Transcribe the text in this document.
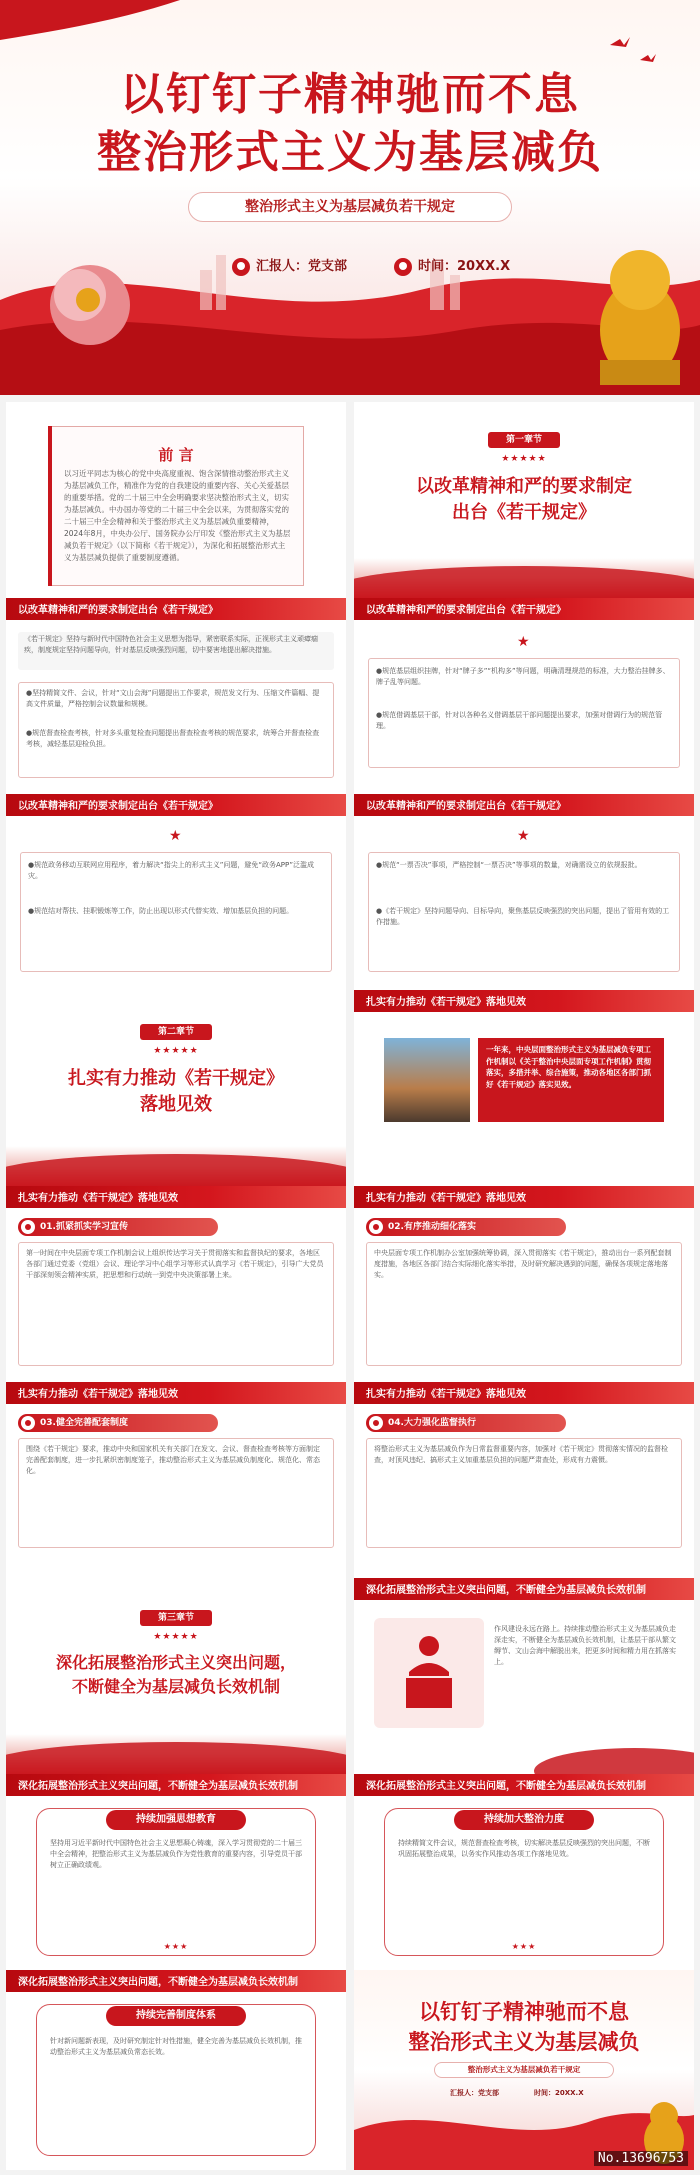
以钉钉子精神驰而不息
整治形式主义为基层减负
整治形式主义为基层减负若干规定
汇报人：党支部	时间：20XX.X
前 言
以习近平同志为核心的党中央高度重视、饱含深情推动整治形式主义为基层减负工作，精准作为党的自我建设的重要内容、关心关爱基层的重要举措。党的二十届三中全会明确要求坚决整治形式主义，切实为基层减负。中办国办等党的二十届三中全会以来，为贯彻落实党的二十届三中全会精神和关于整治形式主义为基层减负重要精神，2024年8月，中央办公厅、国务院办公厅印发《整治形式主义为基层减负若干规定》（以下简称《若干规定》），为深化和拓展整治形式主义为基层减负提供了重要制度遵循。
第一章节
★★★★★
以改革精神和严的要求制定
出台《若干规定》
以改革精神和严的要求制定出台《若干规定》
《若干规定》坚持与新时代中国特色社会主义思想为指导，紧密联系实际，正视形式主义顽瘴痼疾，制度规定坚持问题导向，针对基层反映强烈问题，切中要害地提出解决措施。
●坚持精简文件、会议，针对“文山会海”问题提出工作要求，规范发文行为、压缩文件篇幅、提高文件质量，严格控制会议数量和规模。
●规范督查检查考核，针对多头重复检查问题提出督查检查考核的规范要求，统筹合并督查检查考核，减轻基层迎检负担。
以改革精神和严的要求制定出台《若干规定》
★
●规范基层组织挂牌，针对“牌子多”“机构多”等问题，明确清理规范的标准，大力整治挂牌多、牌子乱等问题。
●规范借调基层干部，针对以各种名义借调基层干部问题提出要求，加强对借调行为的规范管理。
以改革精神和严的要求制定出台《若干规定》
★
●规范政务移动互联网应用程序，着力解决“指尖上的形式主义”问题，避免“政务APP”泛滥成灾。
●规范结对帮扶、挂职锻炼等工作，防止出现以形式代替实效、增加基层负担的问题。
以改革精神和严的要求制定出台《若干规定》
★
●规范“一票否决”事项，严格控制“一票否决”等事项的数量，对确需设立的依规报批。
●《若干规定》坚持问题导向、目标导向，聚焦基层反映强烈的突出问题，提出了管用有效的工作措施。
第二章节
★★★★★
扎实有力推动《若干规定》
落地见效
扎实有力推动《若干规定》落地见效
一年来，中央层面整治形式主义为基层减负专项工作机制以《关于整治中央层面专项工作机制》贯彻落实，多措并举、综合施策，推动各地区各部门抓好《若干规定》落实见效。
扎实有力推动《若干规定》落地见效
01.抓紧抓实学习宣传
第一时间在中央层面专项工作机制会议上组织传达学习关于贯彻落实和监督执纪的要求，各地区各部门通过党委（党组）会议、理论学习中心组学习等形式认真学习《若干规定》，引导广大党员干部深刻领会精神实质，把思想和行动统一到党中央决策部署上来。
扎实有力推动《若干规定》落地见效
02.有序推动细化落实
中央层面专项工作机制办公室加强统筹协调，深入贯彻落实《若干规定》，推动出台一系列配套制度措施，各地区各部门结合实际细化落实举措，及时研究解决遇到的问题，确保各项规定落地落实。
扎实有力推动《若干规定》落地见效
03.健全完善配套制度
围绕《若干规定》要求，推动中央和国家机关有关部门在发文、会议、督查检查考核等方面制定完善配套制度，进一步扎紧织密制度笼子，推动整治形式主义为基层减负制度化、规范化、常态化。
扎实有力推动《若干规定》落地见效
04.大力强化监督执行
将整治形式主义为基层减负作为日常监督重要内容，加强对《若干规定》贯彻落实情况的监督检查，对顶风违纪、搞形式主义加重基层负担的问题严肃查处，形成有力震慑。
第三章节
★★★★★
深化拓展整治形式主义突出问题，
不断健全为基层减负长效机制
深化拓展整治形式主义突出问题，不断健全为基层减负长效机制
作风建设永远在路上。持续推动整治形式主义为基层减负走深走实，不断健全为基层减负长效机制，让基层干部从繁文缛节、文山会海中解脱出来，把更多时间和精力用在抓落实上。
深化拓展整治形式主义突出问题，不断健全为基层减负长效机制
持续加强思想教育
坚持用习近平新时代中国特色社会主义思想凝心铸魂，深入学习贯彻党的二十届三中全会精神，把整治形式主义为基层减负作为党性教育的重要内容，引导党员干部树立正确政绩观。
★★★
深化拓展整治形式主义突出问题，不断健全为基层减负长效机制
持续加大整治力度
持续精简文件会议，规范督查检查考核，切实解决基层反映强烈的突出问题，不断巩固拓展整治成果，以务实作风推动各项工作落地见效。
★★★
深化拓展整治形式主义突出问题，不断健全为基层减负长效机制
持续完善制度体系
针对新问题新表现，及时研究制定针对性措施，健全完善为基层减负长效机制，推动整治形式主义为基层减负常态长效。
以钉钉子精神驰而不息
整治形式主义为基层减负
整治形式主义为基层减负若干规定
汇报人：党支部	时间：20XX.X
No.13696753
